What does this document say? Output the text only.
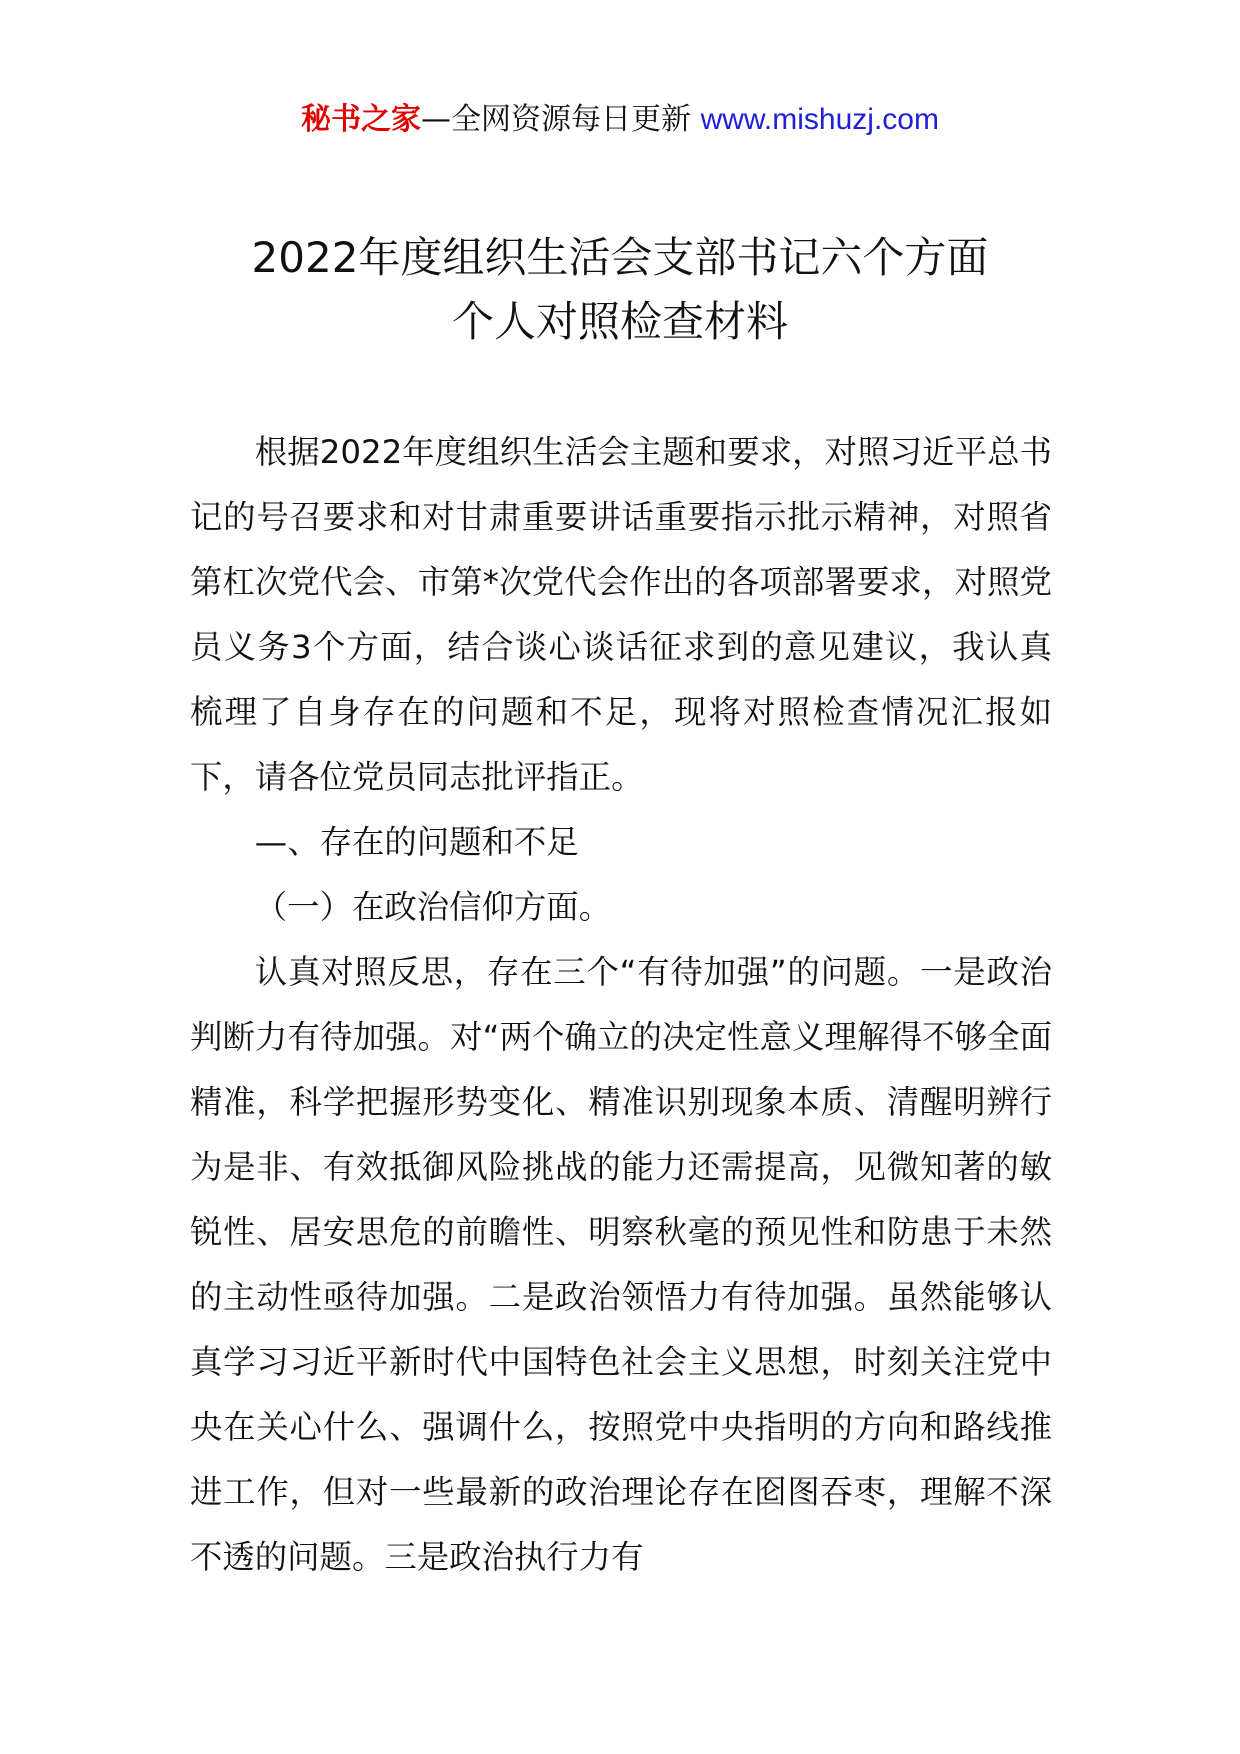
秘书之家—全网资源每日更新 www.mishuzj.com
2022年度组织生活会支部书记六个方面
个人对照检查材料

根据2022年度组织生活会主题和要求，对照习近平总书记的号召要求和对甘肃重要讲话重要指示批示精神，对照省第杠次党代会、市第*次党代会作出的各项部署要求，对照党员义务3个方面，结合谈心谈话征求到的意见建议，我认真梳理了自身存在的问题和不足，现将对照检查情况汇报如下，请各位党员同志批评指正。

—、存在的问题和不足

（一）在政治信仰方面。

认真对照反思，存在三个“有待加强”的问题。一是政治判断力有待加强。对“两个确立的决定性意义理解得不够全面精准，科学把握形势变化、精准识别现象本质、清醒明辨行为是非、有效抵御风险挑战的能力还需提高，见微知著的敏锐性、居安思危的前瞻性、明察秋毫的预见性和防患于未然的主动性亟待加强。二是政治领悟力有待加强。虽然能够认真学习习近平新时代中国特色社会主义思想，时刻关注党中央在关心什么、强调什么，按照党中央指明的方向和路线推进工作，但对一些最新的政治理论存在囵图吞枣，理解不深不透的问题。三是政治执行力有
